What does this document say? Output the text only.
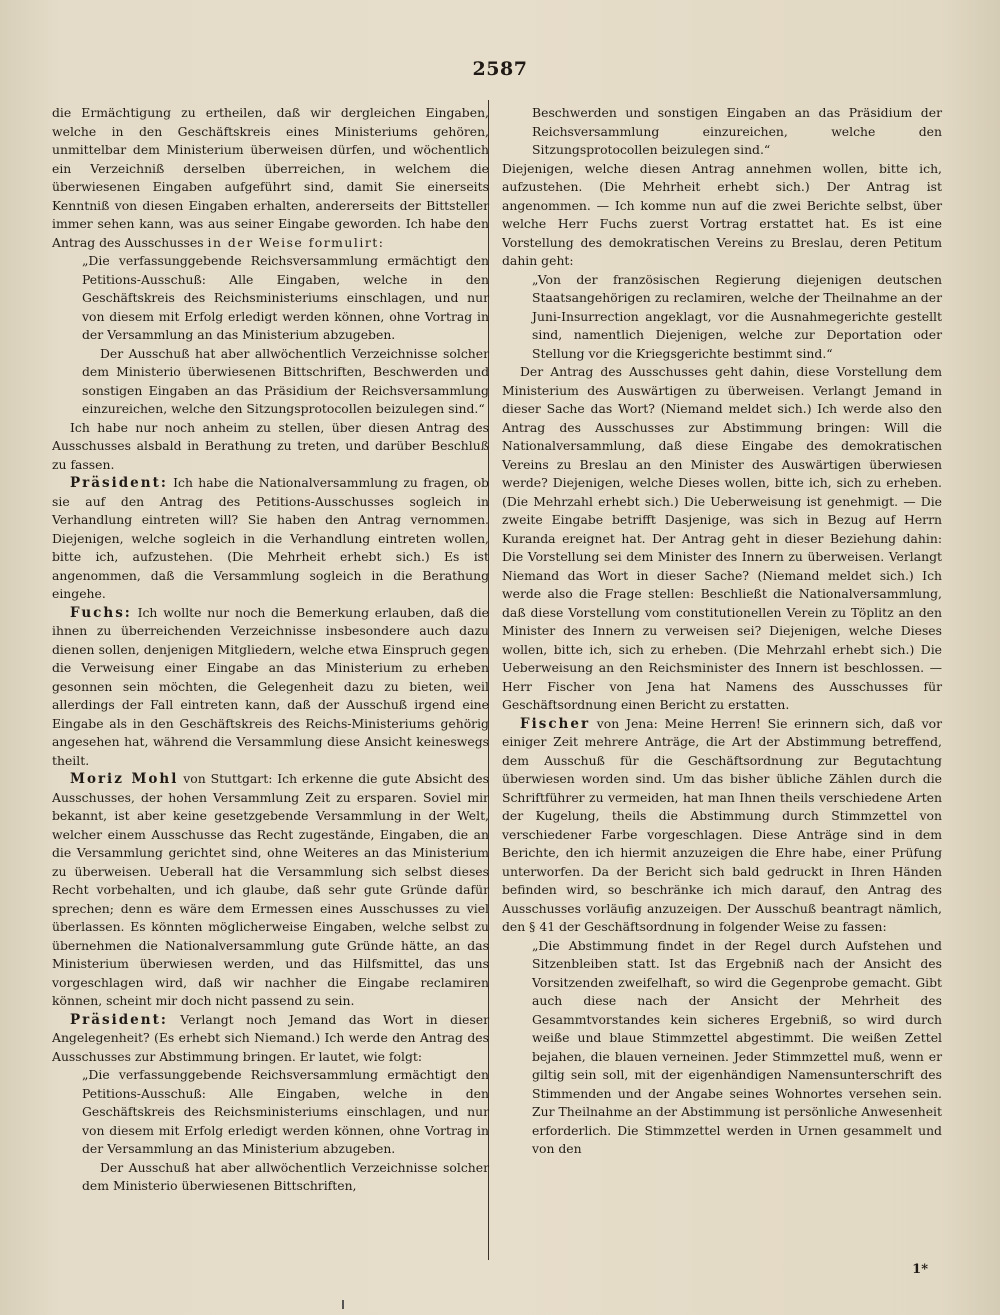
2587

die Ermächtigung zu ertheilen, daß wir dergleichen Eingaben, welche in den Geschäftskreis eines Ministeriums gehören, unmittelbar dem Ministerium überweisen dürfen, und wöchentlich ein Verzeichniß derselben überreichen, in welchem die überwiesenen Eingaben aufgeführt sind, damit Sie einerseits Kenntniß von diesen Eingaben erhalten, andererseits der Bittsteller immer sehen kann, was aus seiner Eingabe geworden. Ich habe den Antrag des Ausschusses in der Weise formulirt:

„Die verfassunggebende Reichsversammlung ermächtigt den Petitions-Ausschuß: Alle Eingaben, welche in den Geschäftskreis des Reichsministeriums einschlagen, und nur von diesem mit Erfolg erledigt werden können, ohne Vortrag in der Versammlung an das Ministerium abzugeben.

Der Ausschuß hat aber allwöchentlich Verzeichnisse solcher dem Ministerio überwiesenen Bittschriften, Beschwerden und sonstigen Eingaben an das Präsidium der Reichsversammlung einzureichen, welche den Sitzungsprotocollen beizulegen sind.“

Ich habe nur noch anheim zu stellen, über diesen Antrag des Ausschusses alsbald in Berathung zu treten, und darüber Beschluß zu fassen.

Präsident: Ich habe die Nationalversammlung zu fragen, ob sie auf den Antrag des Petitions-Ausschusses sogleich in Verhandlung eintreten will? Sie haben den Antrag vernommen. Diejenigen, welche sogleich in die Verhandlung eintreten wollen, bitte ich, aufzustehen. (Die Mehrheit erhebt sich.) Es ist angenommen, daß die Versammlung sogleich in die Berathung eingehe.

Fuchs: Ich wollte nur noch die Bemerkung erlauben, daß die ihnen zu überreichenden Verzeichnisse insbesondere auch dazu dienen sollen, denjenigen Mitgliedern, welche etwa Einspruch gegen die Verweisung einer Eingabe an das Ministerium zu erheben gesonnen sein möchten, die Gelegenheit dazu zu bieten, weil allerdings der Fall eintreten kann, daß der Ausschuß irgend eine Eingabe als in den Geschäftskreis des Reichs-Ministeriums gehörig angesehen hat, während die Versammlung diese Ansicht keineswegs theilt.

Moriz Mohl von Stuttgart: Ich erkenne die gute Absicht des Ausschusses, der hohen Versammlung Zeit zu ersparen. Soviel mir bekannt, ist aber keine gesetzgebende Versammlung in der Welt, welcher einem Ausschusse das Recht zugestände, Eingaben, die an die Versammlung gerichtet sind, ohne Weiteres an das Ministerium zu überweisen. Ueberall hat die Versammlung sich selbst dieses Recht vorbehalten, und ich glaube, daß sehr gute Gründe dafür sprechen; denn es wäre dem Ermessen eines Ausschusses zu viel überlassen. Es könnten möglicherweise Eingaben, welche selbst zu übernehmen die Nationalversammlung gute Gründe hätte, an das Ministerium überwiesen werden, und das Hilfsmittel, das uns vorgeschlagen wird, daß wir nachher die Eingabe reclamiren können, scheint mir doch nicht passend zu sein.

Präsident: Verlangt noch Jemand das Wort in dieser Angelegenheit? (Es erhebt sich Niemand.) Ich werde den Antrag des Ausschusses zur Abstimmung bringen. Er lautet, wie folgt:

„Die verfassunggebende Reichsversammlung ermächtigt den Petitions-Ausschuß: Alle Eingaben, welche in den Geschäftskreis des Reichsministeriums einschlagen, und nur von diesem mit Erfolg erledigt werden können, ohne Vortrag in der Versammlung an das Ministerium abzugeben.

Der Ausschuß hat aber allwöchentlich Verzeichnisse solcher dem Ministerio überwiesenen Bittschriften,

Beschwerden und sonstigen Eingaben an das Präsidium der Reichsversammlung einzureichen, welche den Sitzungsprotocollen beizulegen sind.“

Diejenigen, welche diesen Antrag annehmen wollen, bitte ich, aufzustehen. (Die Mehrheit erhebt sich.) Der Antrag ist angenommen. — Ich komme nun auf die zwei Berichte selbst, über welche Herr Fuchs zuerst Vortrag erstattet hat. Es ist eine Vorstellung des demokratischen Vereins zu Breslau, deren Petitum dahin geht:

„Von der französischen Regierung diejenigen deutschen Staatsangehörigen zu reclamiren, welche der Theilnahme an der Juni-Insurrection angeklagt, vor die Ausnahmegerichte gestellt sind, namentlich Diejenigen, welche zur Deportation oder Stellung vor die Kriegsgerichte bestimmt sind.“

Der Antrag des Ausschusses geht dahin, diese Vorstellung dem Ministerium des Auswärtigen zu überweisen. Verlangt Jemand in dieser Sache das Wort? (Niemand meldet sich.) Ich werde also den Antrag des Ausschusses zur Abstimmung bringen: Will die Nationalversammlung, daß diese Eingabe des demokratischen Vereins zu Breslau an den Minister des Auswärtigen überwiesen werde? Diejenigen, welche Dieses wollen, bitte ich, sich zu erheben. (Die Mehrzahl erhebt sich.) Die Ueberweisung ist genehmigt. — Die zweite Eingabe betrifft Dasjenige, was sich in Bezug auf Herrn Kuranda ereignet hat. Der Antrag geht in dieser Beziehung dahin: Die Vorstellung sei dem Minister des Innern zu überweisen. Verlangt Niemand das Wort in dieser Sache? (Niemand meldet sich.) Ich werde also die Frage stellen: Beschließt die Nationalversammlung, daß diese Vorstellung vom constitutionellen Verein zu Töplitz an den Minister des Innern zu verweisen sei? Diejenigen, welche Dieses wollen, bitte ich, sich zu erheben. (Die Mehrzahl erhebt sich.) Die Ueberweisung an den Reichsminister des Innern ist beschlossen. — Herr Fischer von Jena hat Namens des Ausschusses für Geschäftsordnung einen Bericht zu erstatten.

Fischer von Jena: Meine Herren! Sie erinnern sich, daß vor einiger Zeit mehrere Anträge, die Art der Abstimmung betreffend, dem Ausschuß für die Geschäftsordnung zur Begutachtung überwiesen worden sind. Um das bisher übliche Zählen durch die Schriftführer zu vermeiden, hat man Ihnen theils verschiedene Arten der Kugelung, theils die Abstimmung durch Stimmzettel von verschiedener Farbe vorgeschlagen. Diese Anträge sind in dem Berichte, den ich hiermit anzuzeigen die Ehre habe, einer Prüfung unterworfen. Da der Bericht sich bald gedruckt in Ihren Händen befinden wird, so beschränke ich mich darauf, den Antrag des Ausschusses vorläufig anzuzeigen. Der Ausschuß beantragt nämlich, den § 41 der Geschäftsordnung in folgender Weise zu fassen:

„Die Abstimmung findet in der Regel durch Aufstehen und Sitzenbleiben statt. Ist das Ergebniß nach der Ansicht des Vorsitzenden zweifelhaft, so wird die Gegenprobe gemacht. Gibt auch diese nach der Ansicht der Mehrheit des Gesammtvorstandes kein sicheres Ergebniß, so wird durch weiße und blaue Stimmzettel abgestimmt. Die weißen Zettel bejahen, die blauen verneinen. Jeder Stimmzettel muß, wenn er giltig sein soll, mit der eigenhändigen Namensunterschrift des Stimmenden und der Angabe seines Wohnortes versehen sein. Zur Theilnahme an der Abstimmung ist persönliche Anwesenheit erforderlich. Die Stimmzettel werden in Urnen gesammelt und von den

1*
